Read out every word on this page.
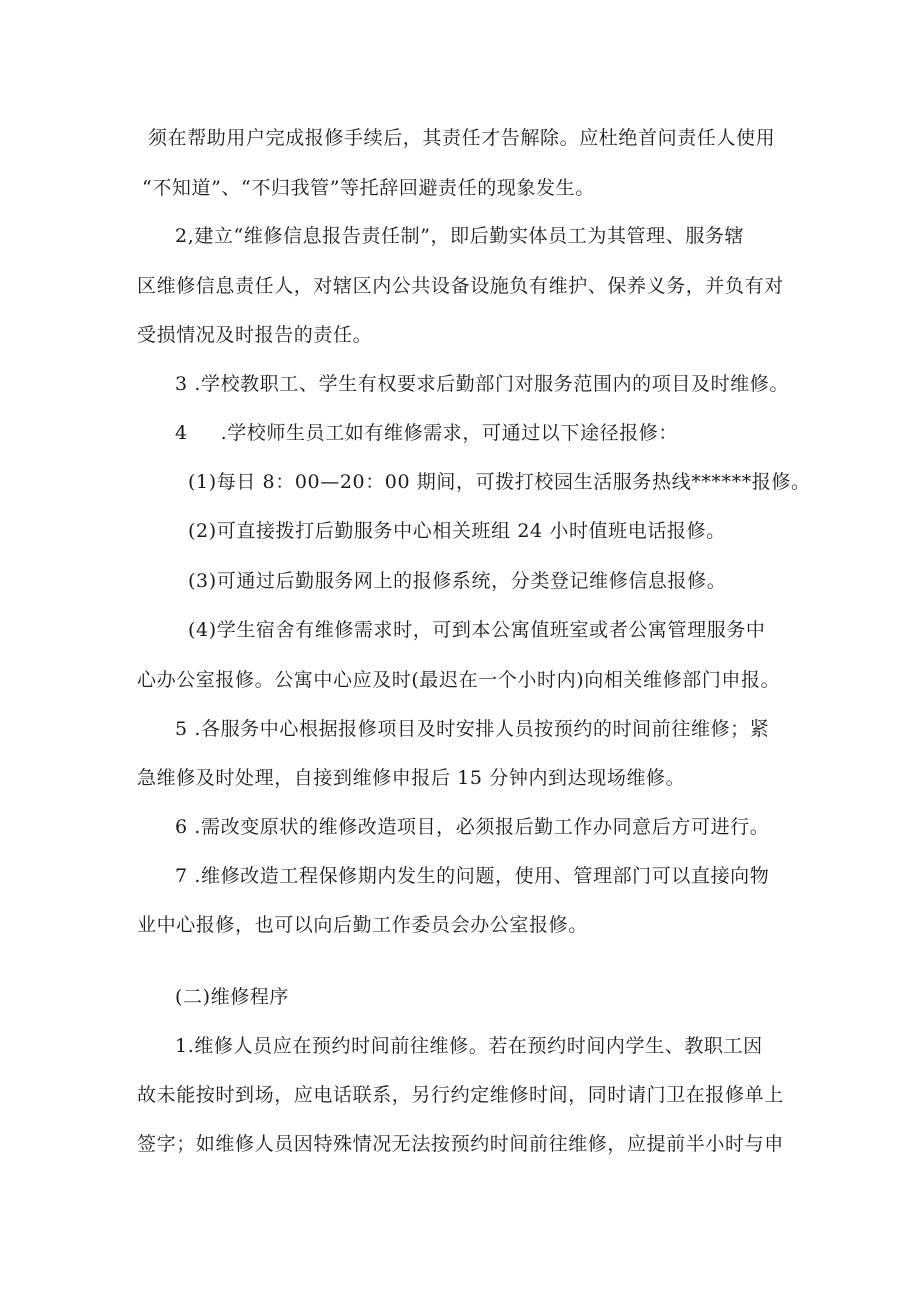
须在帮助用户完成报修手续后，其责任才告解除。应杜绝首问责任人使用
“不知道”、“不归我管”等托辞回避责任的现象发生。
2,建立“维修信息报告责任制”，即后勤实体员工为其管理、服务辖
区维修信息责任人，对辖区内公共设备设施负有维护、保养义务，并负有对
受损情况及时报告的责任。
3 .学校教职工、学生有权要求后勤部门对服务范围内的项目及时维修。
4 　 .学校师生员工如有维修需求，可通过以下途径报修：
(1)每日 8：00—20：00 期间，可拨打校园生活服务热线******报修。
(2)可直接拨打后勤服务中心相关班组 24 小时值班电话报修。
(3)可通过后勤服务网上的报修系统，分类登记维修信息报修。
(4)学生宿舍有维修需求时，可到本公寓值班室或者公寓管理服务中
心办公室报修。公寓中心应及时(最迟在一个小时内)向相关维修部门申报。
5 .各服务中心根据报修项目及时安排人员按预约的时间前往维修；紧
急维修及时处理，自接到维修申报后 15 分钟内到达现场维修。
6 .需改变原状的维修改造项目，必须报后勤工作办同意后方可进行。
7 .维修改造工程保修期内发生的问题，使用、管理部门可以直接向物
业中心报修，也可以向后勤工作委员会办公室报修。
(二)维修程序
1.维修人员应在预约时间前往维修。若在预约时间内学生、教职工因
故未能按时到场，应电话联系，另行约定维修时间，同时请门卫在报修单上
签字；如维修人员因特殊情况无法按预约时间前往维修，应提前半小时与申
